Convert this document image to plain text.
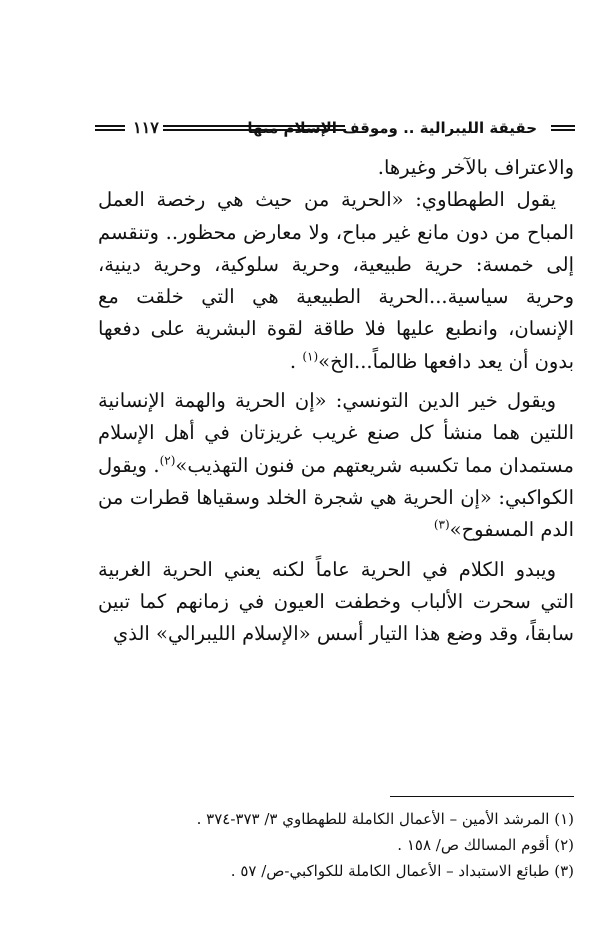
حقيقة الليبرالية .. وموقف الإسلام منها
١١٧

والاعتراف بالآخر وغيرها.

يقول الطهطاوي: «الحرية من حيث هي رخصة العمل المباح من دون مانع غير مباح، ولا معارض محظور.. وتنقسم إلى خمسة: حرية طبيعية، وحرية سلوكية، وحرية دينية، وحرية سياسية...الحرية الطبيعية هي التي خلقت مع الإنسان، وانطبع عليها فلا طاقة لقوة البشرية على دفعها بدون أن يعد دافعها ظالماً...الخ»$^{(١)}$ .

ويقول خير الدين التونسي: «إن الحرية والهمة الإنسانية اللتين هما منشأ كل صنع غريب غريزتان في أهل الإسلام مستمدان مما تكسبه شريعتهم من فنون التهذيب»$^{(٢)}$. ويقول الكواكبي: «إن الحرية هي شجرة الخلد وسقياها قطرات من الدم المسفوح»$^{(٣)}$

ويبدو الكلام في الحرية عاماً لكنه يعني الحرية الغربية التي سحرت الألباب وخطفت العيون في زمانهم كما تبين سابقاً، وقد وضع هذا التيار أسس «الإسلام الليبرالي» الذي

(١) المرشد الأمين – الأعمال الكاملة للطهطاوي ٣/ ٣٧٣-٣٧٤ .
(٢) أقوم المسالك ص/ ١٥٨ .
(٣) طبائع الاستبداد – الأعمال الكاملة للكواكبي-ص/ ٥٧ .
